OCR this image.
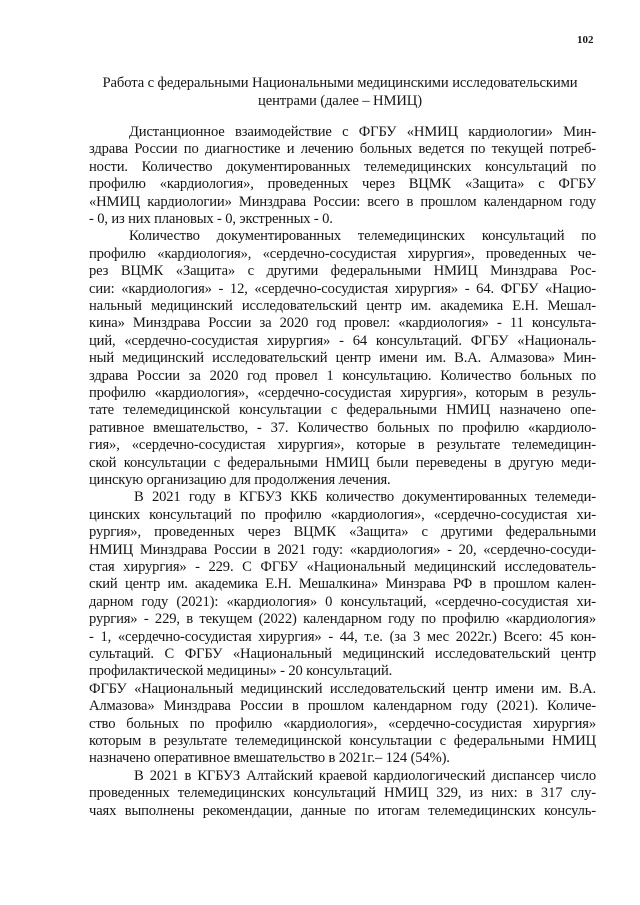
102
Работа с федеральными Национальными медицинскими исследовательскими
центрами (далее – НМИЦ)
Дистанционное взаимодействие с ФГБУ «НМИЦ кардиологии» Мин-
здрава России по диагностике и лечению больных ведется по текущей потреб-
ности. Количество документированных телемедицинских консультаций по
профилю «кардиология», проведенных через ВЦМК «Защита» с ФГБУ
«НМИЦ кардиологии» Минздрава России: всего в прошлом календарном году
- 0, из них плановых - 0, экстренных - 0.
Количество документированных телемедицинских консультаций по
профилю «кардиология», «сердечно-сосудистая хирургия», проведенных че-
рез ВЦМК «Защита» с другими федеральными НМИЦ Минздрава Рос-
сии: «кардиология» - 12, «сердечно-сосудистая хирургия» - 64. ФГБУ «Нацио-
нальный медицинский исследовательский центр им. академика Е.Н. Мешал-
кина» Минздрава России за 2020 год провел: «кардиология» - 11 консульта-
ций, «сердечно-сосудистая хирургия» - 64 консультаций. ФГБУ «Националь-
ный медицинский исследовательский центр имени им. В.А. Алмазова» Мин-
здрава России за 2020 год провел 1 консультацию. Количество больных по
профилю «кардиология», «сердечно-сосудистая хирургия», которым в резуль-
тате телемедицинской консультации с федеральными НМИЦ назначено опе-
ративное вмешательство, - 37. Количество больных по профилю «кардиоло-
гия», «сердечно-сосудистая хирургия», которые в результате телемедицин-
ской консультации с федеральными НМИЦ были переведены в другую меди-
цинскую организацию для продолжения лечения.
В 2021 году в КГБУЗ ККБ количество документированных телемеди-
цинских консультаций по профилю «кардиология», «сердечно-сосудистая хи-
рургия», проведенных через ВЦМК «Защита» с другими федеральными
НМИЦ Минздрава России в 2021 году: «кардиология» - 20, «сердечно-сосуди-
стая хирургия» - 229. С ФГБУ «Национальный медицинский исследователь-
ский центр им. академика Е.Н. Мешалкина» Минзрава РФ в прошлом кален-
дарном году (2021): «кардиология» 0 консультаций, «сердечно-сосудистая хи-
рургия» - 229, в текущем (2022) календарном году по профилю «кардиология»
- 1, «сердечно-сосудистая хирургия» - 44, т.е. (за 3 мес 2022г.) Всего: 45 кон-
сультаций. С ФГБУ «Национальный медицинский исследовательский центр
профилактической медицины» - 20 консультаций.
ФГБУ «Национальный медицинский исследовательский центр имени им. В.А.
Алмазова» Минздрава России в прошлом календарном году (2021). Количе-
ство больных по профилю «кардиология», «сердечно-сосудистая хирургия»
которым в результате телемедицинской консультации с федеральными НМИЦ
назначено оперативное вмешательство в 2021г.– 124 (54%).
В 2021 в КГБУЗ Алтайский краевой кардиологический диспансер число
проведенных телемедицинских консультаций НМИЦ 329, из них: в 317 слу-
чаях выполнены рекомендации, данные по итогам телемедицинских консуль-
